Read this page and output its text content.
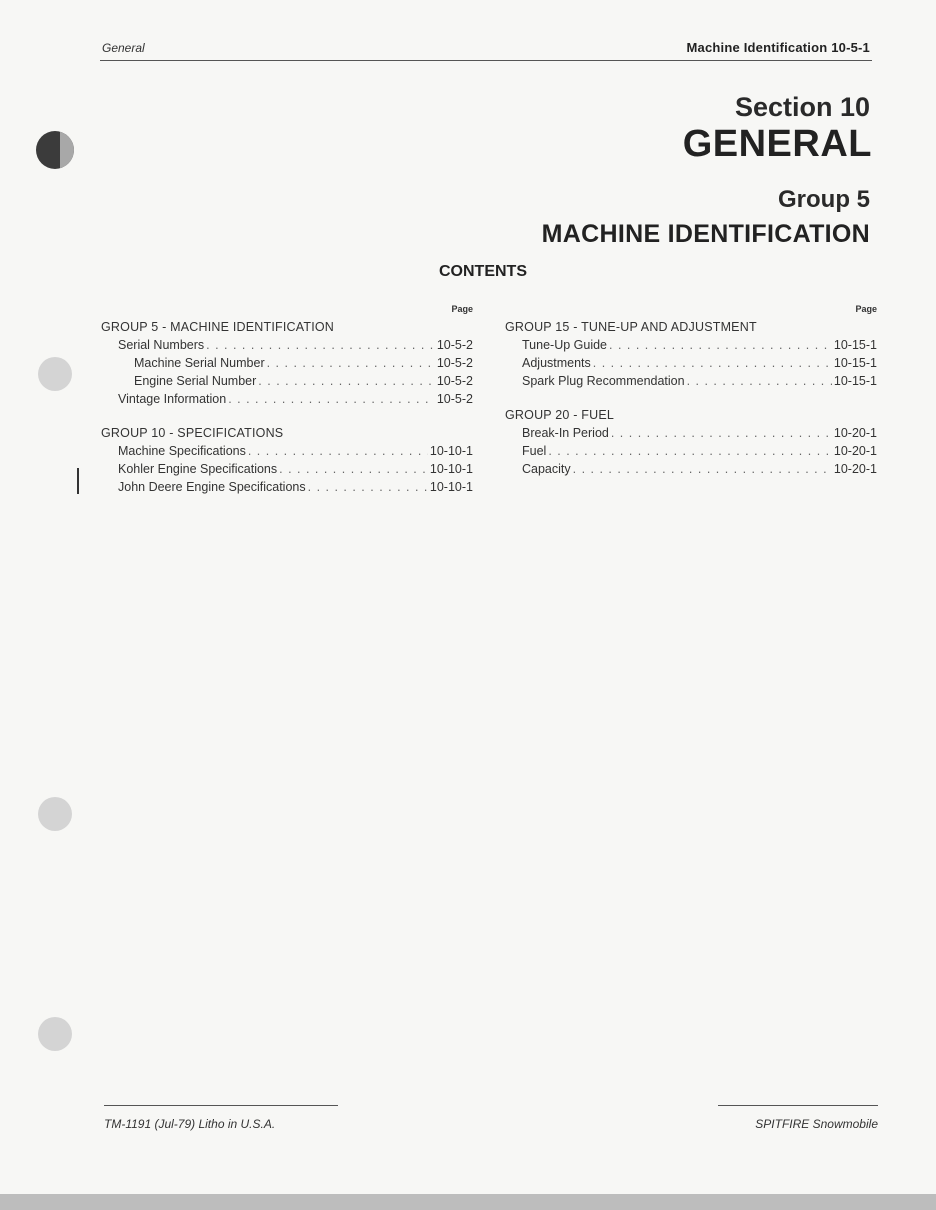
General	Machine Identification 10-5-1
Section 10
GENERAL
Group 5
MACHINE IDENTIFICATION
CONTENTS
Page
GROUP 5 - MACHINE IDENTIFICATION
Serial Numbers . . .	10-5-2
Machine Serial Number . . .	10-5-2
Engine Serial Number . . .	10-5-2
Vintage Information . . .	10-5-2
GROUP 10 - SPECIFICATIONS
Machine Specifications . . .	10-10-1
Kohler Engine Specifications . . .	10-10-1
John Deere Engine Specifications . . .	10-10-1
Page
GROUP 15 - TUNE-UP AND ADJUSTMENT
Tune-Up Guide . . .	10-15-1
Adjustments . . .	10-15-1
Spark Plug Recommendation . . .	10-15-1
GROUP 20 - FUEL
Break-In Period . . .	10-20-1
Fuel . . .	10-20-1
Capacity . . .	10-20-1
TM-1191 (Jul-79) Litho in U.S.A.	SPITFIRE Snowmobile
